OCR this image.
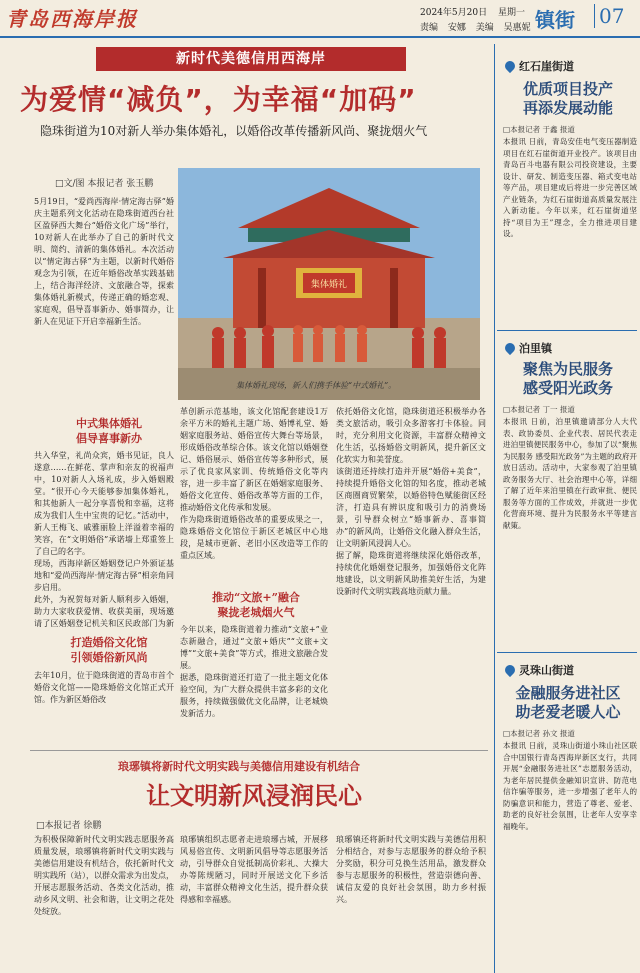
青岛西海岸报	2024年5月20日 星期一
责编 安娜 美编 吴惠妮 镇街 07
新时代美德信用西海岸
为爱情“减负”，为幸福“加码”
隐珠街道为10对新人举办集体婚礼，以婚俗改革传播新风尚、聚拢烟火气
□文/图 本报记者 张玉鹏
5月19日，“爱尚西海岸·情定海古驿”婚庆主题系列文化活动在隐珠街道西台社区盈驿西大舞台“婚俗文化广场”举行，10对新人在此举办了自己的新时代文明、简约、清新的集体婚礼。本次活动以“情定海古驿”为主题，以新时代婚俗观念为引领，在近年婚俗改革实践基础上，结合海洋经济、文旅融合等，探索集体婚礼新模式，传递正确的婚恋观、家庭观，倡导喜事新办、婚事简办，让新人在见证下开启幸福新生活。
集体婚礼
集体婚礼现场，新人们携手体验“中式婚礼”。
中式集体婚礼
倡导喜事新办
共入华堂，礼尚众宾，婚书见证，良人遂意……在鲜花、掌声和亲友的祝福声中，10对新人入场礼成，步入婚姻殿堂。“很开心今天能够参加集体婚礼，和其他新人一起分享喜悦和幸福，这将成为我们人生中宝贵的记忆。”活动中，新人王梅飞、戚雅丽脸上洋溢着幸福的笑容，在“文明婚俗”承诺墙上郑重签上了自己的名字。
现场，西海岸新区婚姻登记户外颁证基地和“爱尚西海岸·情定海古驿”相亲角同步启用。
此外，为祝贺每对新人顺利步入婚姻，助力大家收获爱情、收获美丽，现场邀请了区婚姻登记机关和区民政部门为新
打造婚俗文化馆
引领婚俗新风尚
去年10月，位于隐珠街道的青岛市首个婚俗文化馆——隐珠婚俗文化馆正式开馆。作为新区婚俗改
革创新示范基地，该文化馆配套建设1万余平方米的婚礼主题广场、婚博礼堂、婚姻家庭服务站、婚俗宣传大舞台等场景，形成婚俗改革综合体。该文化馆以婚姻登记、婚俗展示、婚俗宣传等多种形式，展示了优良家风家训、传统婚俗文化等内容，进一步丰富了新区在婚姻家庭服务、婚俗文化宣传、婚俗改革等方面的工作，推动婚俗文化传承和发展。
作为隐珠街道婚俗改革的重要成果之一，隐珠婚俗文化馆位于新区老城区中心地段，是城市更新、老旧小区改造等工作的重点区域。
推动“文旅+”融合
聚拢老城烟火气
今年以来，隐珠街道着力推动“文旅+”业态新融合，通过“文旅+婚庆”“文旅+文博”“文旅+美食”等方式，推进文旅融合发展。
据悉，隐珠街道还打造了一批主题文化体验空间，为广大群众提供丰富多彩的文化服务，持续做强做优文化品牌，让老城焕发新活力。
依托婚俗文化馆，隐珠街道还积极举办各类文旅活动，吸引众多游客打卡体验。同时，充分利用文化资源，丰富群众精神文化生活，弘扬婚俗文明新风，提升新区文化软实力和美誉度。
该街道还持续打造并开展“婚俗+美食”，持续提升婚俗文化馆的知名度，推动老城区商圈商贸繁荣，以婚俗特色赋能街区经济，打造具有辨识度和吸引力的消费场景，引导群众树立“婚事新办、喜事简办”的新风尚，让婚俗文化融入群众生活，让文明新风浸润人心。
据了解，隐珠街道将继续深化婚俗改革，持续优化婚姻登记服务，加强婚俗文化阵地建设，以文明新风助推美好生活，为建设新时代文明实践高地贡献力量。
琅琊镇将新时代文明实践与美德信用建设有机结合
让文明新风浸润民心
□本报记者 徐鹏
为积极保障新时代文明实践志愿服务高质量发展，琅琊镇将新时代文明实践与美德信用建设有机结合，依托新时代文明实践所（站），以群众需求为出发点，开展志愿服务活动、各类文化活动，推动乡风文明、社会和谐，让文明之花处处绽放。
琅琊镇组织志愿者走进琅琊古城，开展移风易俗宣传、文明新风倡导等志愿服务活动，引导群众自觉抵制高价彩礼、大操大办等陈规陋习，同时开展送文化下乡活动，丰富群众精神文化生活，提升群众获得感和幸福感。
琅琊镇还将新时代文明实践与美德信用积分相结合，对参与志愿服务的群众给予积分奖励，积分可兑换生活用品，激发群众参与志愿服务的积极性，营造崇德向善、诚信友爱的良好社会氛围，助力乡村振兴。
红石崖街道
优质项目投产
再添发展动能
□本报记者 于鑫 报道
本报讯 日前，青岛安佳电气变压器制造项目在红石崖街道开业投产。该项目由青岛百斗电器有限公司投资建设，主要设计、研发、制造变压器、箱式变电站等产品，项目建成后将进一步完善区域产业链条，为红石崖街道高质量发展注入新动能。今年以来，红石崖街道坚持“项目为王”理念，全力推进项目建设。
泊里镇
聚焦为民服务
感受阳光政务
□本报记者 丁一 报道
本报讯 日前，泊里镇邀请部分人大代表、政协委员、企业代表、居民代表走进泊里镇便民服务中心，参加了以“聚焦为民服务 感受阳光政务”为主题的政府开放日活动。活动中，大家参观了泊里镇政务服务大厅、社会治理中心等，详细了解了近年来泊里镇在行政审批、便民服务等方面的工作成效，并就进一步优化营商环境、提升为民服务水平等建言献策。
灵珠山街道
金融服务进社区
助老爱老暖人心
□本报记者 孙文 报道
本报讯 日前，灵珠山街道小珠山社区联合中国银行青岛西海岸新区支行，共同开展“金融服务进社区”志愿服务活动，为老年居民提供金融知识宣讲、防范电信诈骗等服务，进一步增强了老年人的防骗意识和能力，营造了尊老、爱老、助老的良好社会氛围，让老年人安享幸福晚年。
